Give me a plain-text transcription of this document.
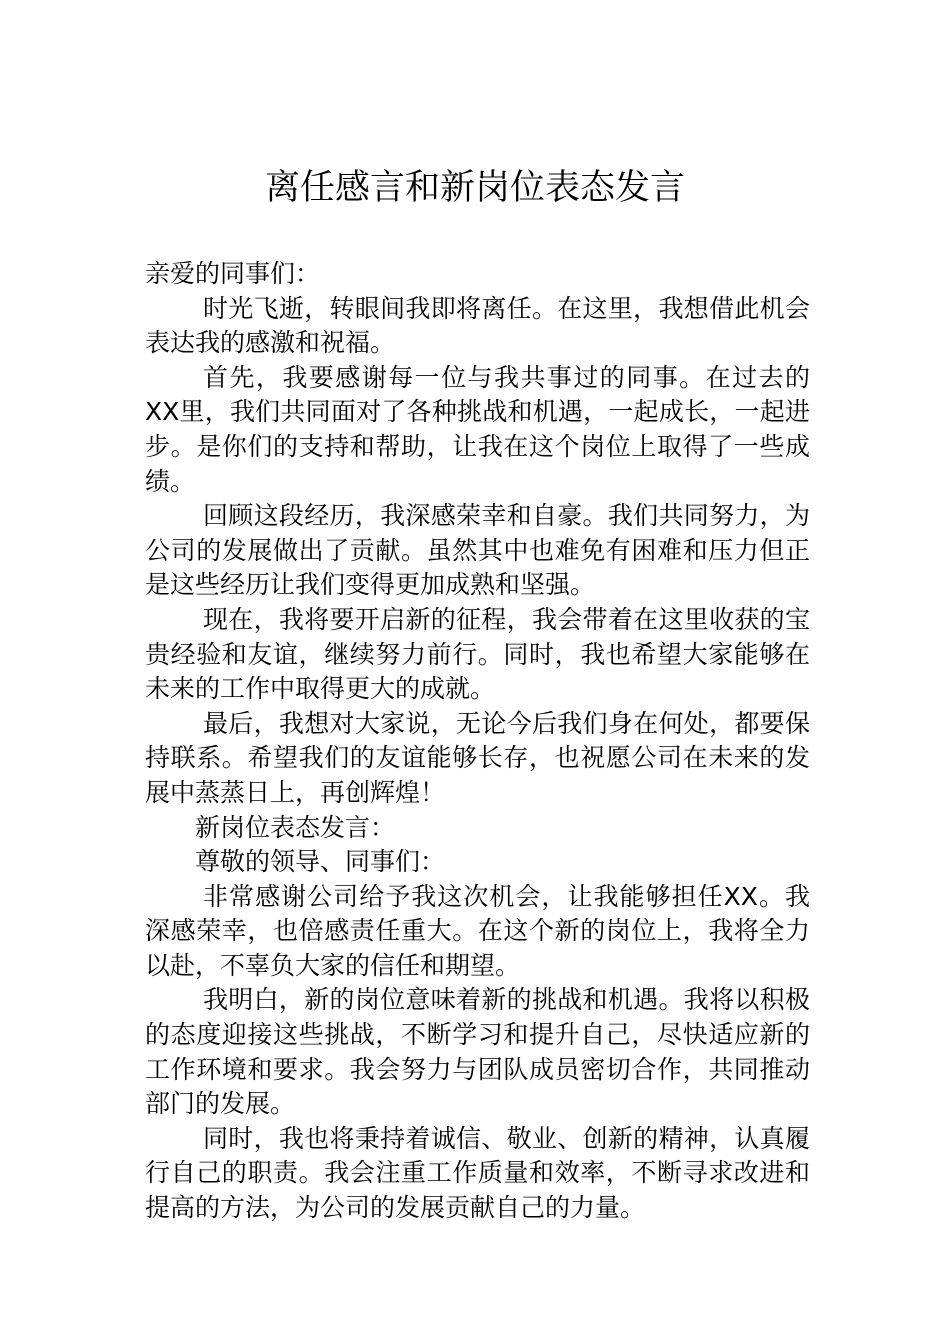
离任感言和新岗位表态发言

亲爱的同事们：

时光飞逝，转眼间我即将离任。在这里，我想借此机会表达我的感激和祝福。

首先，我要感谢每一位与我共事过的同事。在过去的XX里，我们共同面对了各种挑战和机遇，一起成长，一起进步。是你们的支持和帮助，让我在这个岗位上取得了一些成绩。

回顾这段经历，我深感荣幸和自豪。我们共同努力，为公司的发展做出了贡献。虽然其中也难免有困难和压力但正是这些经历让我们变得更加成熟和坚强。

现在，我将要开启新的征程，我会带着在这里收获的宝贵经验和友谊，继续努力前行。同时，我也希望大家能够在未来的工作中取得更大的成就。

最后，我想对大家说，无论今后我们身在何处，都要保持联系。希望我们的友谊能够长存，也祝愿公司在未来的发展中蒸蒸日上，再创辉煌！

新岗位表态发言：

尊敬的领导、同事们：

非常感谢公司给予我这次机会，让我能够担任XX。我深感荣幸，也倍感责任重大。在这个新的岗位上，我将全力以赴，不辜负大家的信任和期望。

我明白，新的岗位意味着新的挑战和机遇。我将以积极的态度迎接这些挑战，不断学习和提升自己，尽快适应新的工作环境和要求。我会努力与团队成员密切合作，共同推动部门的发展。

同时，我也将秉持着诚信、敬业、创新的精神，认真履行自己的职责。我会注重工作质量和效率，不断寻求改进和提高的方法，为公司的发展贡献自己的力量。
